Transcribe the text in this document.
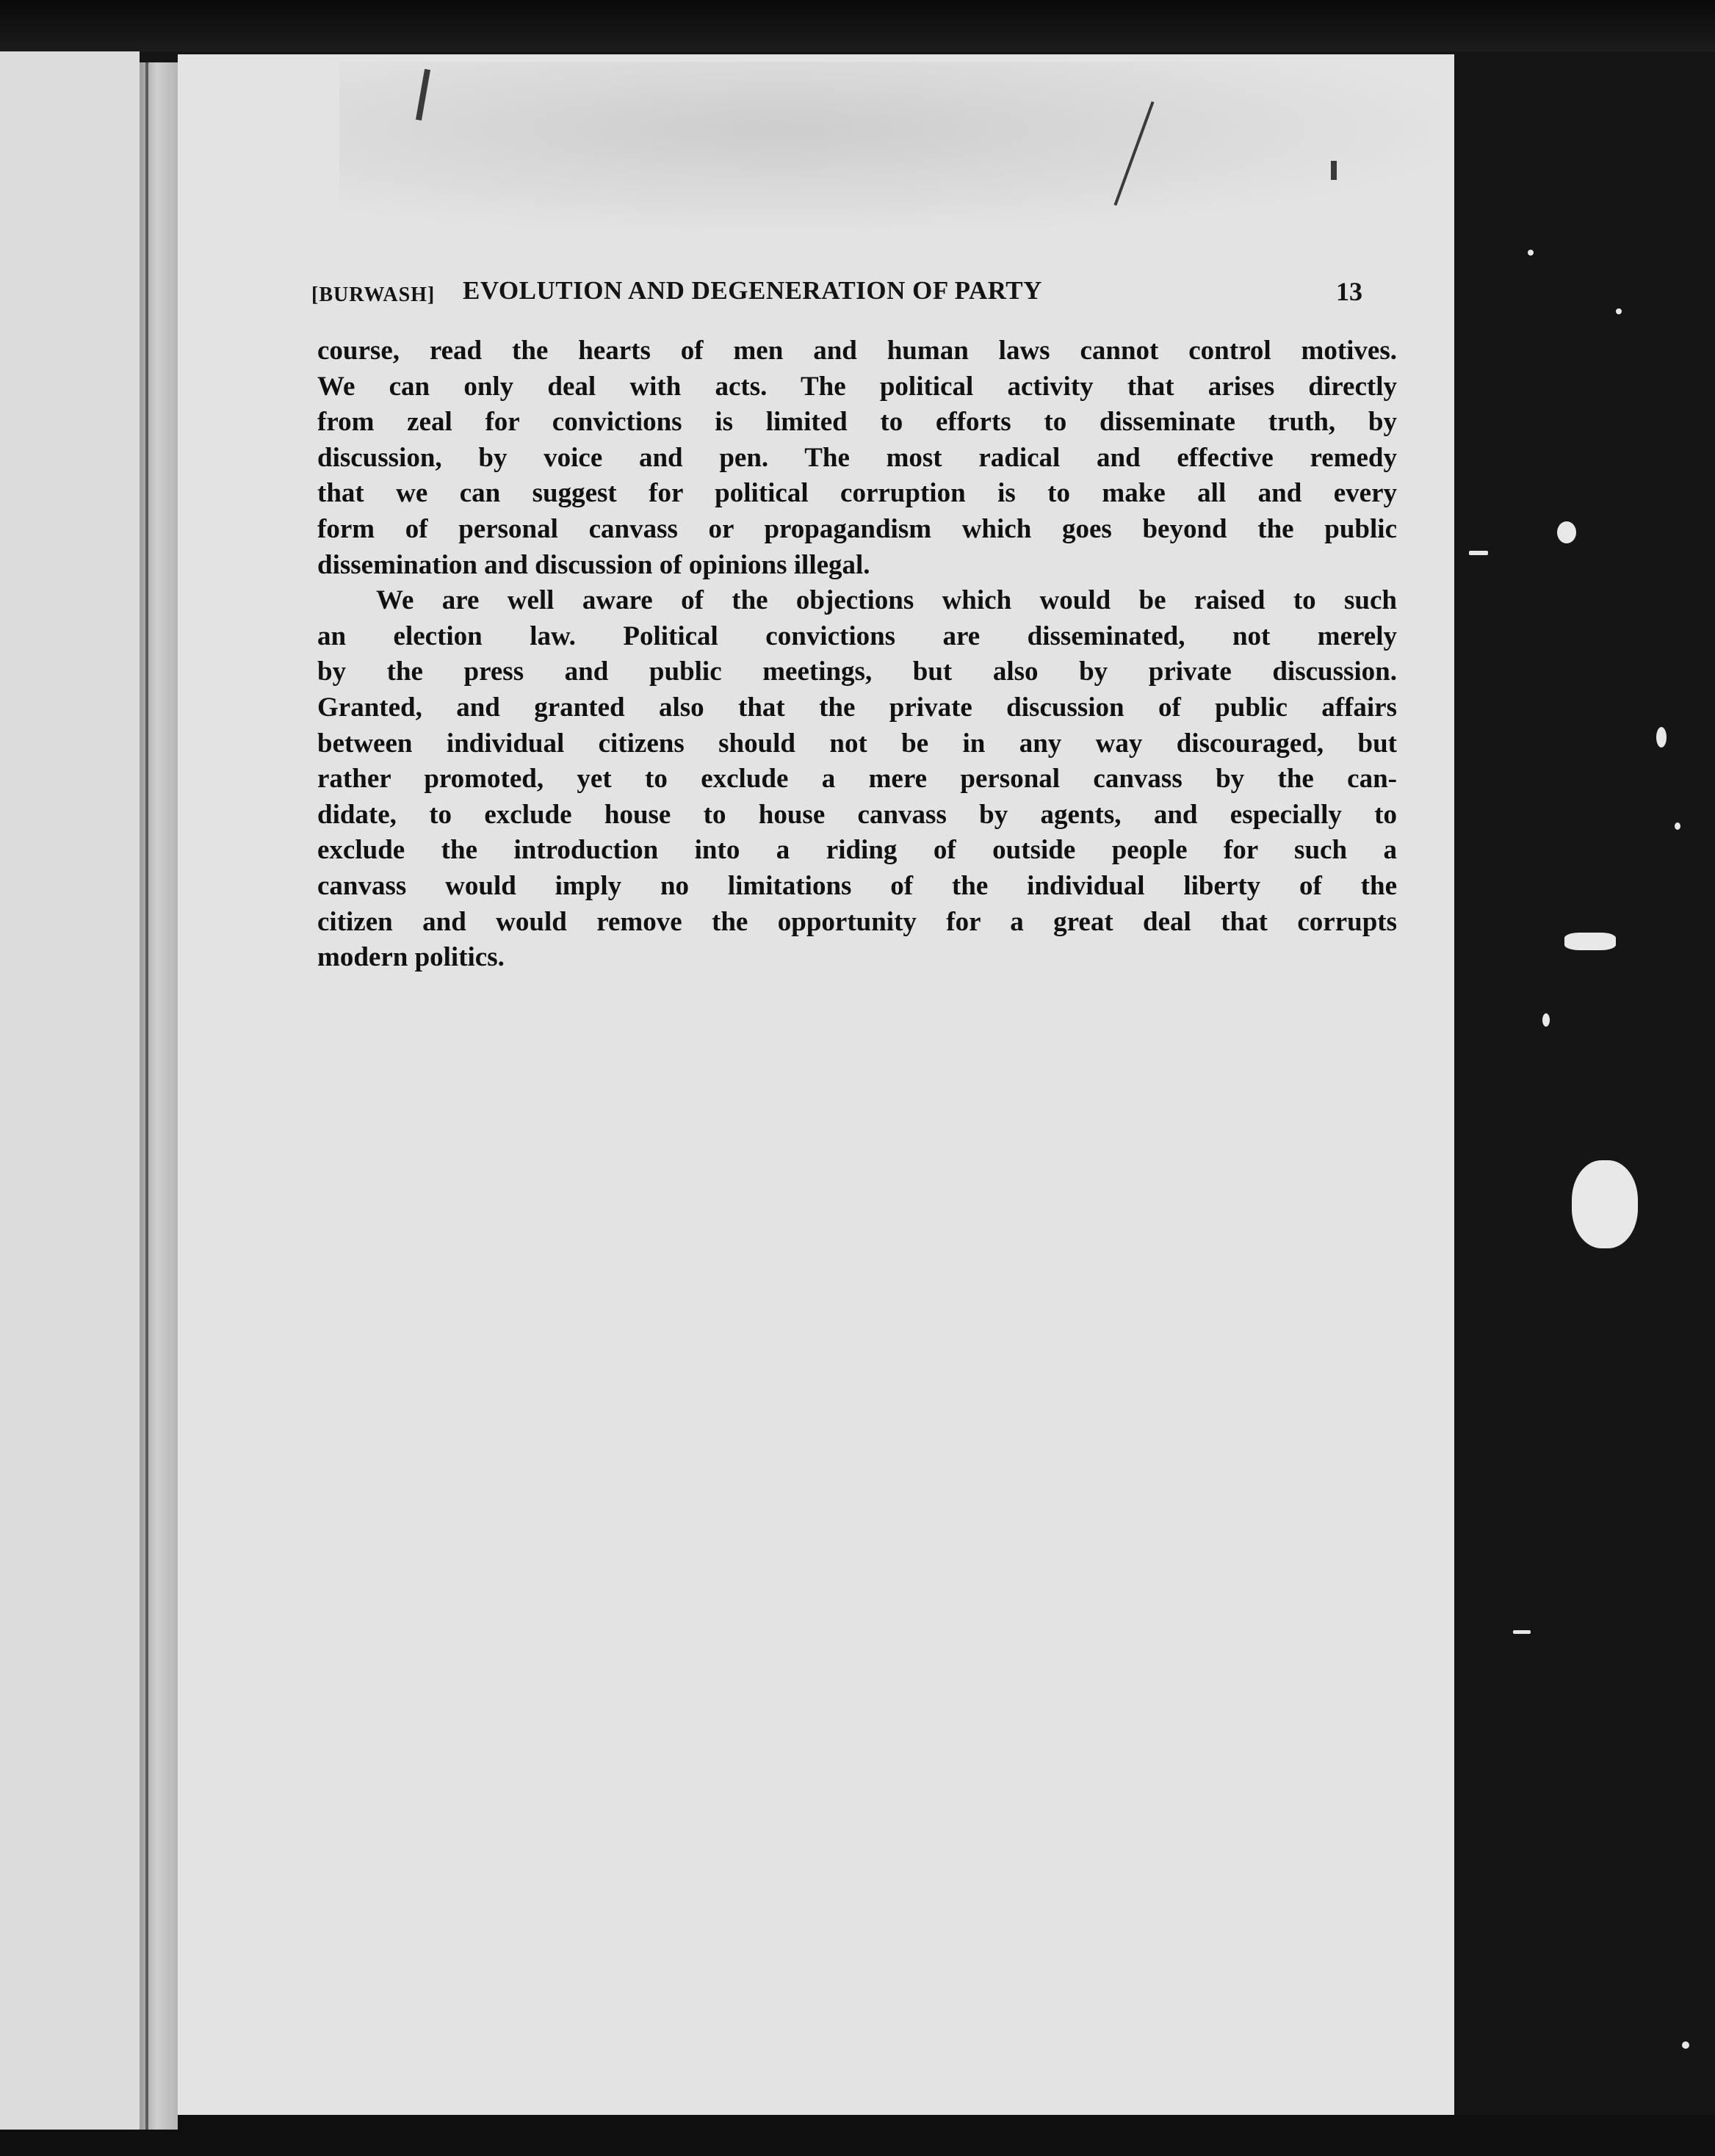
[BURWASH] EVOLUTION AND DEGENERATION OF PARTY	13
course, read the hearts of men and human laws cannot control motives.
We can only deal with acts. The political activity that arises directly
from zeal for convictions is limited to efforts to disseminate truth, by
discussion, by voice and pen. The most radical and effective remedy
that we can suggest for political corruption is to make all and every
form of personal canvass or propagandism which goes beyond the public
dissemination and discussion of opinions illegal.
We are well aware of the objections which would be raised to such
an election law. Political convictions are disseminated, not merely
by the press and public meetings, but also by private discussion.
Granted, and granted also that the private discussion of public affairs
between individual citizens should not be in any way discouraged, but
rather promoted, yet to exclude a mere personal canvass by the can-
didate, to exclude house to house canvass by agents, and especially to
exclude the introduction into a riding of outside people for such a
canvass would imply no limitations of the individual liberty of the
citizen and would remove the opportunity for a great deal that corrupts
modern politics.
